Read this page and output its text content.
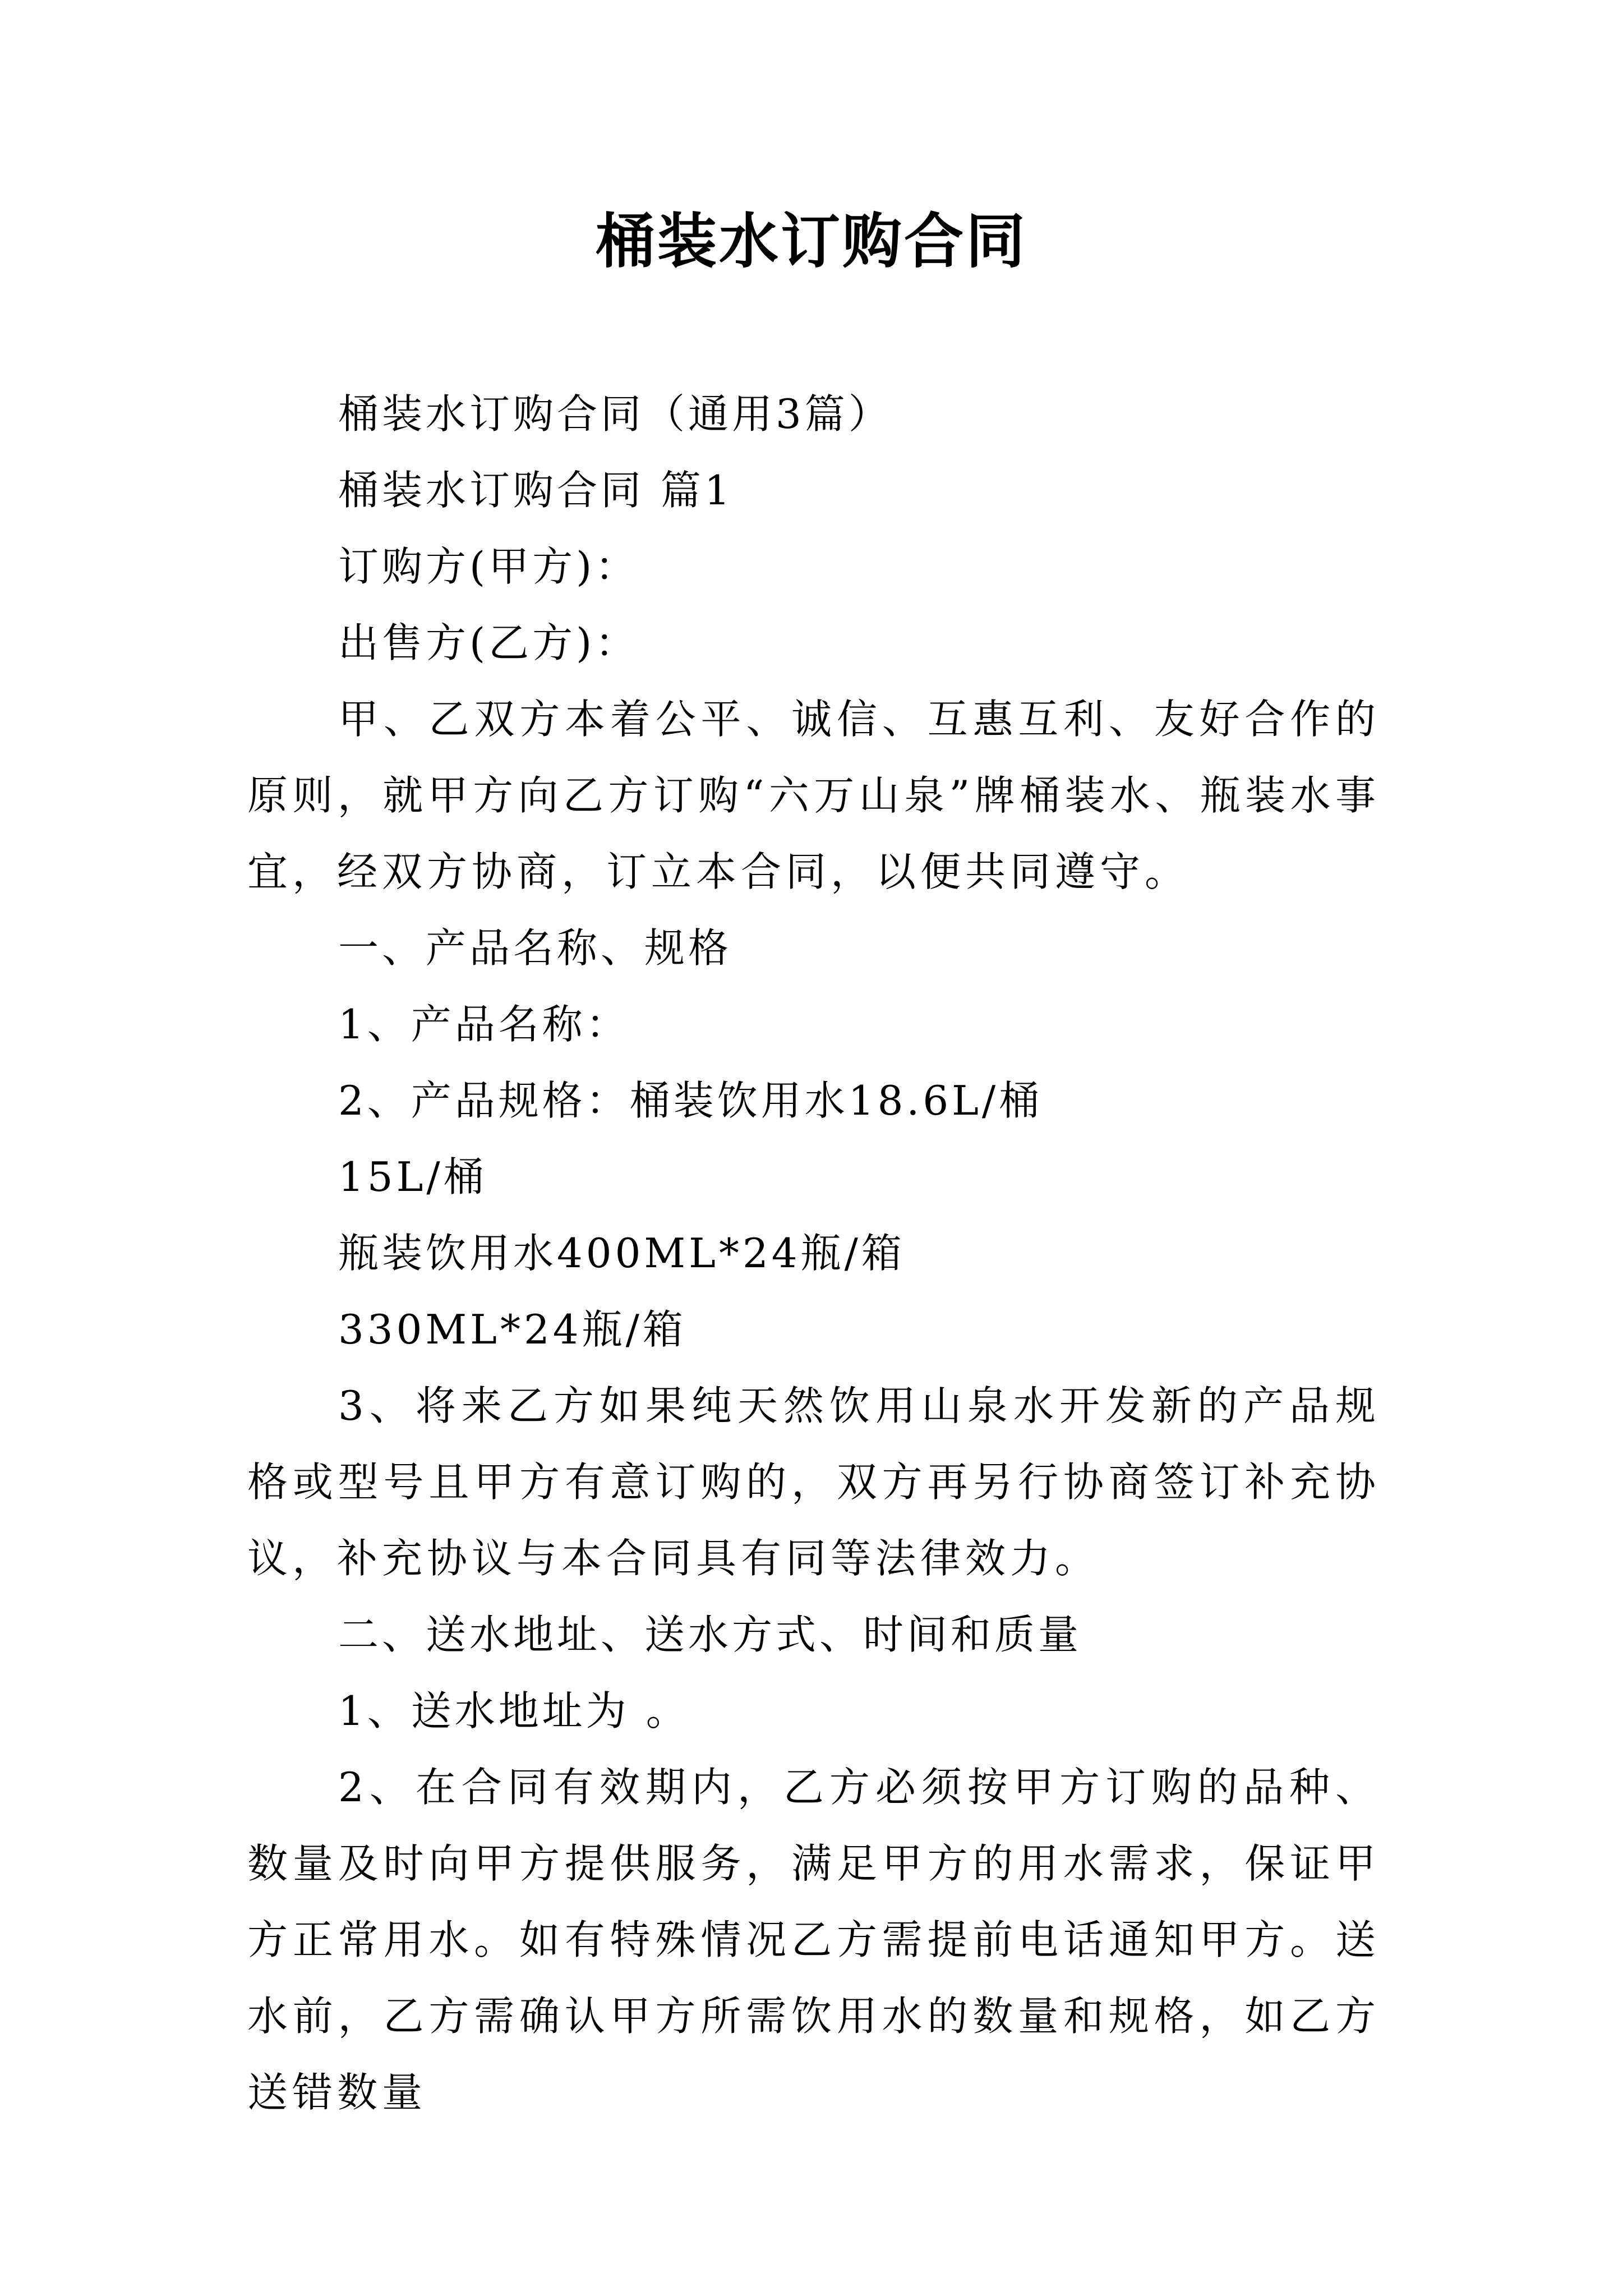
桶装水订购合同

桶装水订购合同（通用3篇）

桶装水订购合同 篇1

订购方(甲方)：

出售方(乙方)：

甲、乙双方本着公平、诚信、互惠互利、友好合作的原则，就甲方向乙方订购“六万山泉”牌桶装水、瓶装水事宜，经双方协商，订立本合同，以便共同遵守。

一、产品名称、规格

1、产品名称：

2、产品规格：桶装饮用水18.6L/桶

15L/桶

瓶装饮用水400ML*24瓶/箱

330ML*24瓶/箱

3、将来乙方如果纯天然饮用山泉水开发新的产品规格或型号且甲方有意订购的，双方再另行协商签订补充协议，补充协议与本合同具有同等法律效力。

二、送水地址、送水方式、时间和质量

1、送水地址为 。

2、在合同有效期内，乙方必须按甲方订购的品种、数量及时向甲方提供服务，满足甲方的用水需求，保证甲方正常用水。如有特殊情况乙方需提前电话通知甲方。送水前，乙方需确认甲方所需饮用水的数量和规格，如乙方送错数量
